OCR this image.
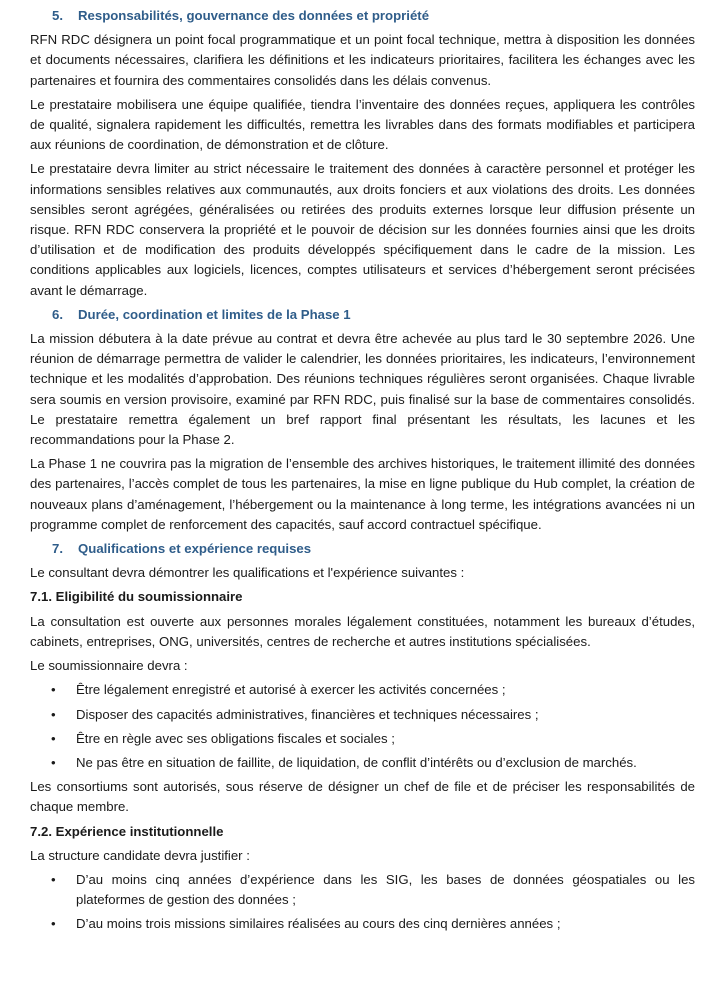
5.	Responsabilités, gouvernance des données et propriété

RFN RDC désignera un point focal programmatique et un point focal technique, mettra à disposition les données et documents nécessaires, clarifiera les définitions et les indicateurs prioritaires, facilitera les échanges avec les partenaires et fournira des commentaires consolidés dans les délais convenus.

Le prestataire mobilisera une équipe qualifiée, tiendra l’inventaire des données reçues, appliquera les contrôles de qualité, signalera rapidement les difficultés, remettra les livrables dans des formats modifiables et participera aux réunions de coordination, de démonstration et de clôture.

Le prestataire devra limiter au strict nécessaire le traitement des données à caractère personnel et protéger les informations sensibles relatives aux communautés, aux droits fonciers et aux violations des droits. Les données sensibles seront agrégées, généralisées ou retirées des produits externes lorsque leur diffusion présente un risque. RFN RDC conservera la propriété et le pouvoir de décision sur les données fournies ainsi que les droits d’utilisation et de modification des produits développés spécifiquement dans le cadre de la mission. Les conditions applicables aux logiciels, licences, comptes utilisateurs et services d’hébergement seront précisées avant le démarrage.

6.	Durée, coordination et limites de la Phase 1

La mission débutera à la date prévue au contrat et devra être achevée au plus tard le 30 septembre 2026. Une réunion de démarrage permettra de valider le calendrier, les données prioritaires, les indicateurs, l’environnement technique et les modalités d’approbation. Des réunions techniques régulières seront organisées. Chaque livrable sera soumis en version provisoire, examiné par RFN RDC, puis finalisé sur la base de commentaires consolidés. Le prestataire remettra également un bref rapport final présentant les résultats, les lacunes et les recommandations pour la Phase 2.

La Phase 1 ne couvrira pas la migration de l’ensemble des archives historiques, le traitement illimité des données des partenaires, l’accès complet de tous les partenaires, la mise en ligne publique du Hub complet, la création de nouveaux plans d’aménagement, l’hébergement ou la maintenance à long terme, les intégrations avancées ni un programme complet de renforcement des capacités, sauf accord contractuel spécifique.

7.	Qualifications et expérience requises

Le consultant devra démontrer les qualifications et l'expérience suivantes :

7.1. Eligibilité du soumissionnaire

La consultation est ouverte aux personnes morales légalement constituées, notamment les bureaux d’études, cabinets, entreprises, ONG, universités, centres de recherche et autres institutions spécialisées.

Le soumissionnaire devra :

• Être légalement enregistré et autorisé à exercer les activités concernées ;
• Disposer des capacités administratives, financières et techniques nécessaires ;
• Être en règle avec ses obligations fiscales et sociales ;
• Ne pas être en situation de faillite, de liquidation, de conflit d’intérêts ou d’exclusion de marchés.

Les consortiums sont autorisés, sous réserve de désigner un chef de file et de préciser les responsabilités de chaque membre.

7.2. Expérience institutionnelle

La structure candidate devra justifier :

• D’au moins cinq années d’expérience dans les SIG, les bases de données géospatiales ou les plateformes de gestion des données ;
• D’au moins trois missions similaires réalisées au cours des cinq dernières années ;
